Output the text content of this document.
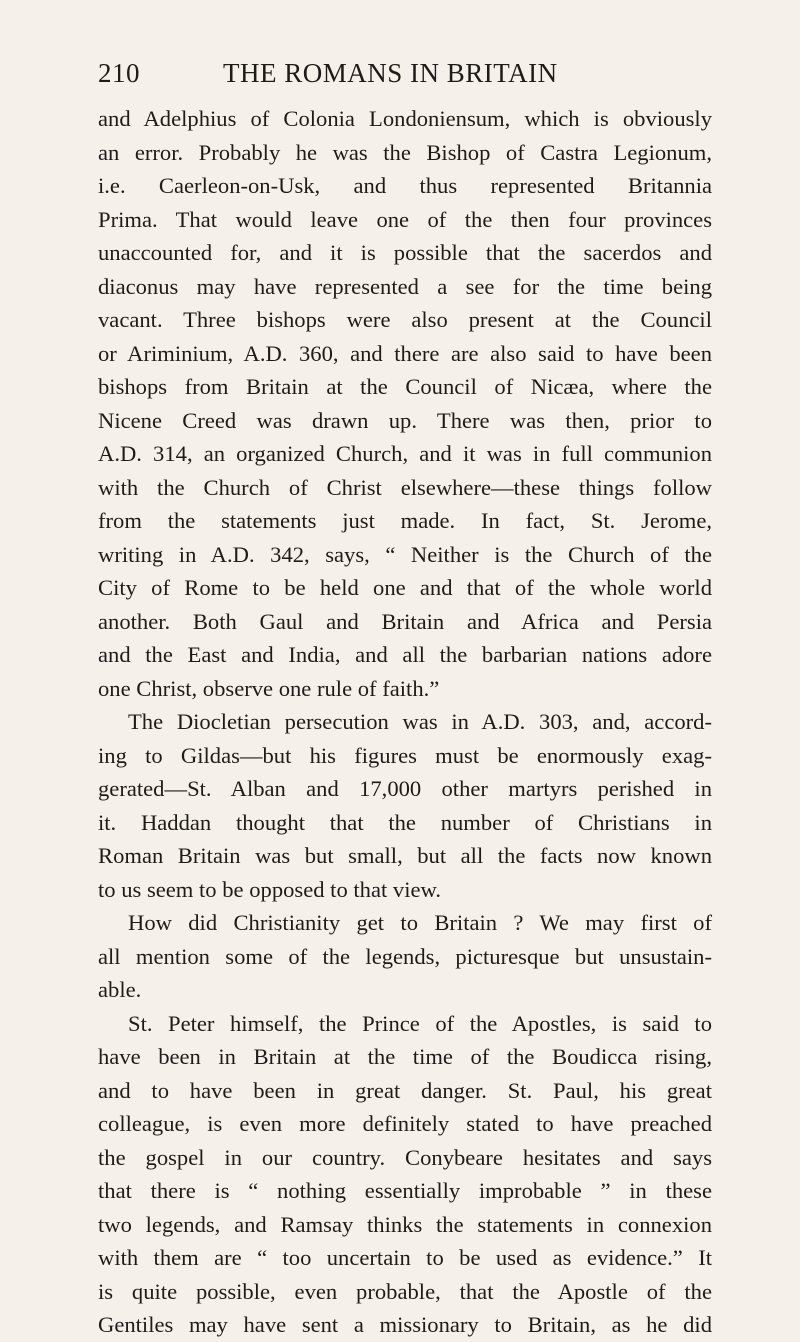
210	THE ROMANS IN BRITAIN
and Adelphius of Colonia Londoniensum, which is obviously
an error. Probably he was the Bishop of Castra Legionum,
i.e. Caerleon-on-Usk, and thus represented Britannia
Prima. That would leave one of the then four provinces
unaccounted for, and it is possible that the sacerdos and
diaconus may have represented a see for the time being
vacant. Three bishops were also present at the Council
or Ariminium, A.D. 360, and there are also said to have been
bishops from Britain at the Council of Nicæa, where the
Nicene Creed was drawn up. There was then, prior to
A.D. 314, an organized Church, and it was in full communion
with the Church of Christ elsewhere—these things follow
from the statements just made. In fact, St. Jerome,
writing in A.D. 342, says, “ Neither is the Church of the
City of Rome to be held one and that of the whole world
another. Both Gaul and Britain and Africa and Persia
and the East and India, and all the barbarian nations adore
one Christ, observe one rule of faith.”
The Diocletian persecution was in A.D. 303, and, accord-
ing to Gildas—but his figures must be enormously exag-
gerated—St. Alban and 17,000 other martyrs perished in
it. Haddan thought that the number of Christians in
Roman Britain was but small, but all the facts now known
to us seem to be opposed to that view.
How did Christianity get to Britain ? We may first of
all mention some of the legends, picturesque but unsustain-
able.
St. Peter himself, the Prince of the Apostles, is said to
have been in Britain at the time of the Boudicca rising,
and to have been in great danger. St. Paul, his great
colleague, is even more definitely stated to have preached
the gospel in our country. Conybeare hesitates and says
that there is “ nothing essentially improbable ” in these
two legends, and Ramsay thinks the statements in connexion
with them are “ too uncertain to be used as evidence.” It
is quite possible, even probable, that the Apostle of the
Gentiles may have sent a missionary to Britain, as he did
